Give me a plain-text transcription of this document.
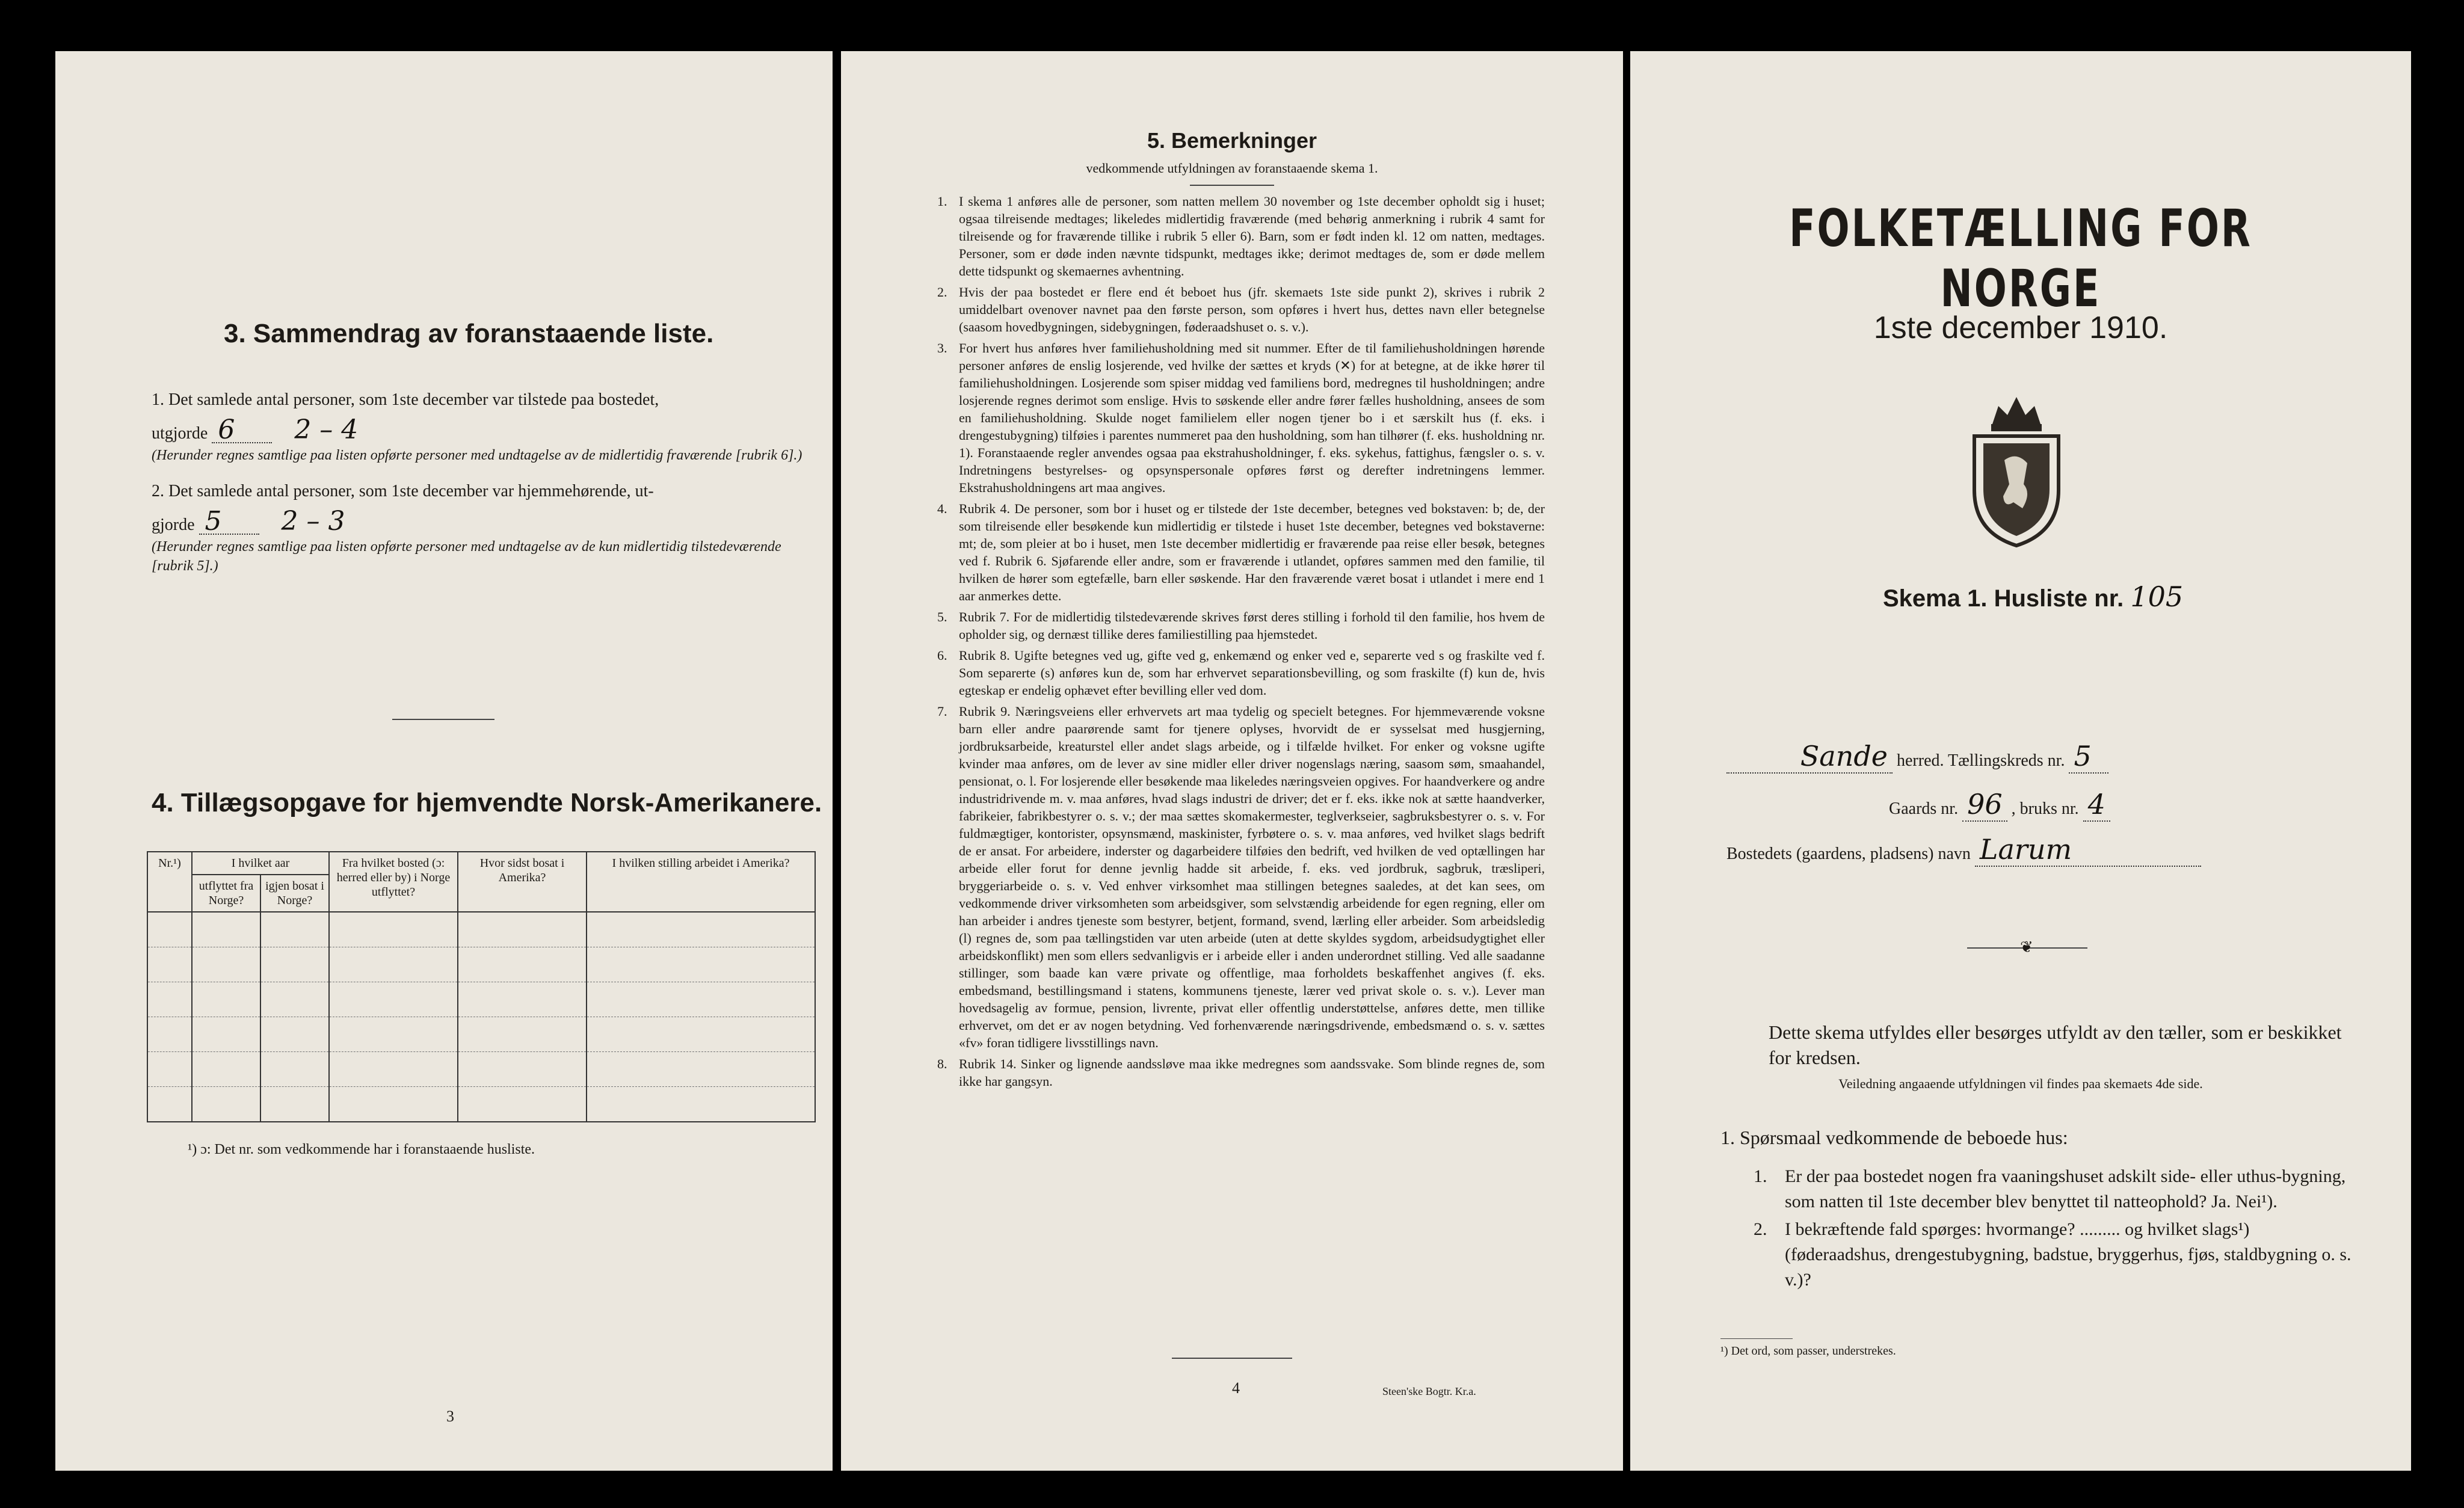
3. Sammendrag av foranstaaende liste.
1. Det samlede antal personer, som 1ste december var tilstede paa bostedet,
utgjorde 6 2 – 4
(Herunder regnes samtlige paa listen opførte personer med undtagelse av de midlertidig fraværende [rubrik 6].)
2. Det samlede antal personer, som 1ste december var hjemmehørende, ut-
gjorde 5 2 – 3
(Herunder regnes samtlige paa listen opførte personer med undtagelse av de kun midlertidig tilstedeværende [rubrik 5].)
4. Tillægsopgave for hjemvendte Norsk-Amerikanere.
Nr.¹)	I hvilket aar		Fra hvilket bosted (ɔ: herred eller by) i Norge utflyttet?	Hvor sidst bosat i Amerika?	I hvilken stilling arbeidet i Amerika?
	utflyttet fra Norge?	igjen bosat i Norge?			

¹) ɔ: Det nr. som vedkommende har i foranstaaende husliste.
3
5. Bemerkninger
vedkommende utfyldningen av foranstaaende skema 1.
1. I skema 1 anføres alle de personer, som natten mellem 30 november og 1ste december opholdt sig i huset; ogsaa tilreisende medtages; likeledes midlertidig fraværende (med behørig anmerkning i rubrik 4 samt for tilreisende og for fraværende tillike i rubrik 5 eller 6). Barn, som er født inden kl. 12 om natten, medtages. Personer, som er døde inden nævnte tidspunkt, medtages ikke; derimot medtages de, som er døde mellem dette tidspunkt og skemaernes avhentning.
2. Hvis der paa bostedet er flere end ét beboet hus (jfr. skemaets 1ste side punkt 2), skrives i rubrik 2 umiddelbart ovenover navnet paa den første person, som opføres i hvert hus, dettes navn eller betegnelse (saasom hovedbygningen, sidebygningen, føderaadshuset o. s. v.).
3. For hvert hus anføres hver familiehusholdning med sit nummer. Efter de til familiehusholdningen hørende personer anføres de enslig losjerende, ved hvilke der sættes et kryds (✕) for at betegne, at de ikke hører til familiehusholdningen. Losjerende som spiser middag ved familiens bord, medregnes til husholdningen; andre losjerende regnes derimot som enslige. Hvis to søskende eller andre fører fælles husholdning, ansees de som en familiehusholdning. Skulde noget familielem eller nogen tjener bo i et særskilt hus (f. eks. i drengestubygning) tilføies i parentes nummeret paa den husholdning, som han tilhører (f. eks. husholdning nr. 1). Foranstaaende regler anvendes ogsaa paa ekstrahusholdninger, f. eks. sykehus, fattighus, fængsler o. s. v. Indretningens bestyrelses- og opsynspersonale opføres først og derefter indretningens lemmer. Ekstrahusholdningens art maa angives.
4. Rubrik 4. De personer, som bor i huset og er tilstede der 1ste december, betegnes ved bokstaven: b; de, der som tilreisende eller besøkende kun midlertidig er tilstede i huset 1ste december, betegnes ved bokstaverne: mt; de, som pleier at bo i huset, men 1ste december midlertidig er fraværende paa reise eller besøk, betegnes ved f. Rubrik 6. Sjøfarende eller andre, som er fraværende i utlandet, opføres sammen med den familie, til hvilken de hører som egtefælle, barn eller søskende. Har den fraværende været bosat i utlandet i mere end 1 aar anmerkes dette.
5. Rubrik 7. For de midlertidig tilstedeværende skrives først deres stilling i forhold til den familie, hos hvem de opholder sig, og dernæst tillike deres familiestilling paa hjemstedet.
6. Rubrik 8. Ugifte betegnes ved ug, gifte ved g, enkemænd og enker ved e, separerte ved s og fraskilte ved f. Som separerte (s) anføres kun de, som har erhvervet separationsbevilling, og som fraskilte (f) kun de, hvis egteskap er endelig ophævet efter bevilling eller ved dom.
7. Rubrik 9. Næringsveiens eller erhvervets art maa tydelig og specielt betegnes. For hjemmeværende voksne barn eller andre paarørende samt for tjenere oplyses, hvorvidt de er sysselsat med husgjerning, jordbruksarbeide, kreaturstel eller andet slags arbeide, og i tilfælde hvilket. For enker og voksne ugifte kvinder maa anføres, om de lever av sine midler eller driver nogenslags næring, saasom søm, smaahandel, pensionat, o. l. For losjerende eller besøkende maa likeledes næringsveien opgives. For haandverkere og andre industridrivende m. v. maa anføres, hvad slags industri de driver; det er f. eks. ikke nok at sætte haandverker, fabrikeier, fabrikbestyrer o. s. v.; der maa sættes skomakermester, teglverkseier, sagbruksbestyrer o. s. v. For fuldmægtiger, kontorister, opsynsmænd, maskinister, fyrbøtere o. s. v. maa anføres, ved hvilket slags bedrift de er ansat. For arbeidere, inderster og dagarbeidere tilføies den bedrift, ved hvilken de ved optællingen har arbeide eller forut for denne jevnlig hadde sit arbeide, f. eks. ved jordbruk, sagbruk, træsliperi, bryggeriarbeide o. s. v. Ved enhver virksomhet maa stillingen betegnes saaledes, at det kan sees, om vedkommende driver virksomheten som arbeidsgiver, som selvstændig arbeidende for egen regning, eller om han arbeider i andres tjeneste som bestyrer, betjent, formand, svend, lærling eller arbeider. Som arbeidsledig (l) regnes de, som paa tællingstiden var uten arbeide (uten at dette skyldes sygdom, arbeidsudygtighet eller arbeidskonflikt) men som ellers sedvanligvis er i arbeide eller i anden underordnet stilling. Ved alle saadanne stillinger, som baade kan være private og offentlige, maa forholdets beskaffenhet angives (f. eks. embedsmand, bestillingsmand i statens, kommunens tjeneste, lærer ved privat skole o. s. v.). Lever man hovedsagelig av formue, pension, livrente, privat eller offentlig understøttelse, anføres dette, men tillike erhvervet, om det er av nogen betydning. Ved forhenværende næringsdrivende, embedsmænd o. s. v. sættes «fv» foran tidligere livsstillings navn.
8. Rubrik 14. Sinker og lignende aandssløve maa ikke medregnes som aandssvake. Som blinde regnes de, som ikke har gangsyn.
4	Steen'ske Bogtr. Kr.a.
FOLKETÆLLING FOR NORGE
1ste december 1910.
Skema 1. Husliste nr. 105
Sande herred. Tællingskreds nr. 5
Gaards nr. 96 , bruks nr. 4
Bostedets (gaardens, pladsens) navn Larum
❦
Dette skema utfyldes eller besørges utfyldt av den tæller, som er beskikket for kredsen.
Veiledning angaaende utfyldningen vil findes paa skemaets 4de side.
1. Spørsmaal vedkommende de beboede hus:
1. Er der paa bostedet nogen fra vaaningshuset adskilt side- eller uthus-bygning, som natten til 1ste december blev benyttet til natteophold? Ja. Nei¹).
2. I bekræftende fald spørges: hvormange? ......... og hvilket slags¹) (føderaadshus, drengestubygning, badstue, bryggerhus, fjøs, staldbygning o. s. v.)?
¹) Det ord, som passer, understrekes.
